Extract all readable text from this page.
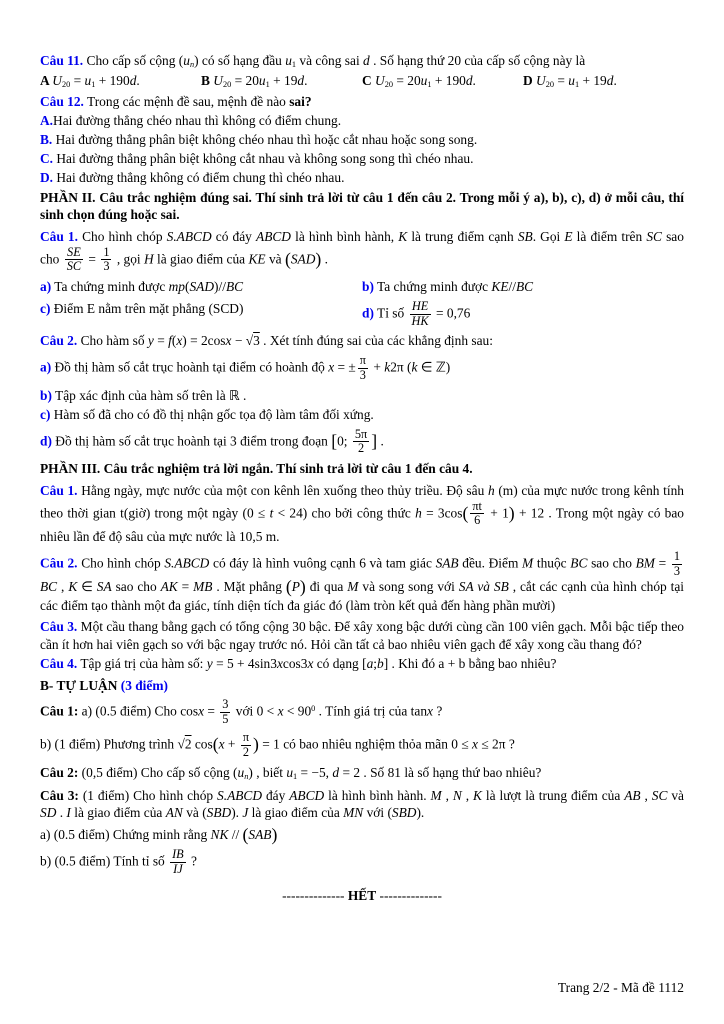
Câu 11. Cho cấp số cộng (un) có số hạng đầu u1 và công sai d . Số hạng thứ 20 của cấp số cộng này là
A U20 = u1 + 190d.	B U20 = 20u1 + 19d.	C U20 = 20u1 + 190d.	D U20 = u1 + 19d.
Câu 12. Trong các mệnh đề sau, mệnh đề nào sai?
A.Hai đường thẳng chéo nhau thì không có điểm chung.
B. Hai đường thẳng phân biệt không chéo nhau thì hoặc cắt nhau hoặc song song.
C. Hai đường thẳng phân biệt không cắt nhau và không song song thì chéo nhau.
D. Hai đường thẳng không có điểm chung thì chéo nhau.
PHẦN II. Câu trắc nghiệm đúng sai. Thí sinh trả lời từ câu 1 đến câu 2. Trong mỗi ý a), b), c), d) ở mỗi câu, thí sinh chọn đúng hoặc sai.
Câu 1. Cho hình chóp S.ABCD có đáy ABCD là hình bình hành, K là trung điểm cạnh SB. Gọi E là điểm trên SC sao cho $\frac{SE}{SC} = \frac{1}{3}$ , gọi H là giao điểm của KE và (SAD) .
a) Ta chứng minh được mp(SAD)//BC	b) Ta chứng minh được KE//BC
c) Điểm E nằm trên mặt phẳng (SCD)	d) Tỉ số $\frac{HE}{HK} = 0,76$
Câu 2. Cho hàm số y = f(x) = 2cosx − √3 . Xét tính đúng sai của các khẳng định sau:
a) Đồ thị hàm số cắt trục hoành tại điểm có hoành độ x = ± $\frac{\pi}{3} + k2\pi$ (k ∈ ℤ)
b) Tập xác định của hàm số trên là ℝ .
c) Hàm số đã cho có đồ thị nhận gốc tọa độ làm tâm đối xứng.
d) Đồ thị hàm số cắt trục hoành tại 3 điểm trong đoạn [0; $\frac{5\pi}{2}$ ] .
PHẦN III. Câu trắc nghiệm trả lời ngắn. Thí sinh trả lời từ câu 1 đến câu 4.
Câu 1. Hằng ngày, mực nước của một con kênh lên xuống theo thủy triều. Độ sâu h (m) của mực nước trong kênh tính theo thời gian t(giờ) trong một ngày (0 ≤ t < 24) cho bởi công thức $h = 3\cos( \frac{\pi t}{6} + 1) + 12$ . Trong một ngày có bao nhiêu lần để độ sâu của mực nước là 10,5 m.
Câu 2. Cho hình chóp S.ABCD có đáy là hình vuông cạnh 6 và tam giác SAB đều. Điểm M thuộc BC sao cho BM = $\frac{1}{3}$
BC , K ∈ SA sao cho AK = MB . Mặt phẳng (P) đi qua M và song song với SA và SB , cắt các cạnh của hình chóp tại các điểm tạo thành một đa giác, tính diện tích đa giác đó (làm tròn kết quả đến hàng phần mười)
Câu 3. Một cầu thang bằng gạch có tổng cộng 30 bậc. Để xây xong bậc dưới cùng cần 100 viên gạch. Mỗi bậc tiếp theo cần ít hơn hai viên gạch so với bậc ngay trước nó. Hỏi cần tất cả bao nhiêu viên gạch để xây xong cầu thang đó?
Câu 4. Tập giá trị của hàm số: y = 5 + 4sin3xcos3x có dạng [a;b] . Khi đó a + b bằng bao nhiêu?
B- TỰ LUẬN (3 điểm)
Câu 1: a) (0.5 điểm) Cho $\cos x = \frac{3}{5}$ với $0 < x < 90^0$ . Tính giá trị của tanx ?
b) (1 điểm) Phương trình √2 $\cos(x + \frac{\pi}{2}$ ) = 1 có bao nhiêu nghiệm thỏa mãn 0 ≤ x ≤ 2π ?
Câu 2: (0,5 điểm) Cho cấp số cộng (un) , biết u1 = −5, d = 2 . Số 81 là số hạng thứ bao nhiêu?
Câu 3: (1 điểm) Cho hình chóp S.ABCD đáy ABCD là hình bình hành. M , N , K là lượt là trung điểm của AB , SC và SD . I là giao điểm của AN và (SBD). J là giao điểm của MN với (SBD).
a) (0.5 điểm) Chứng minh rằng NK // (SAB)
b) (0.5 điểm) Tính tỉ số $\frac{IB}{IJ}$ ?
-------------- HẾT --------------
Trang 2/2 - Mã đề 1112
